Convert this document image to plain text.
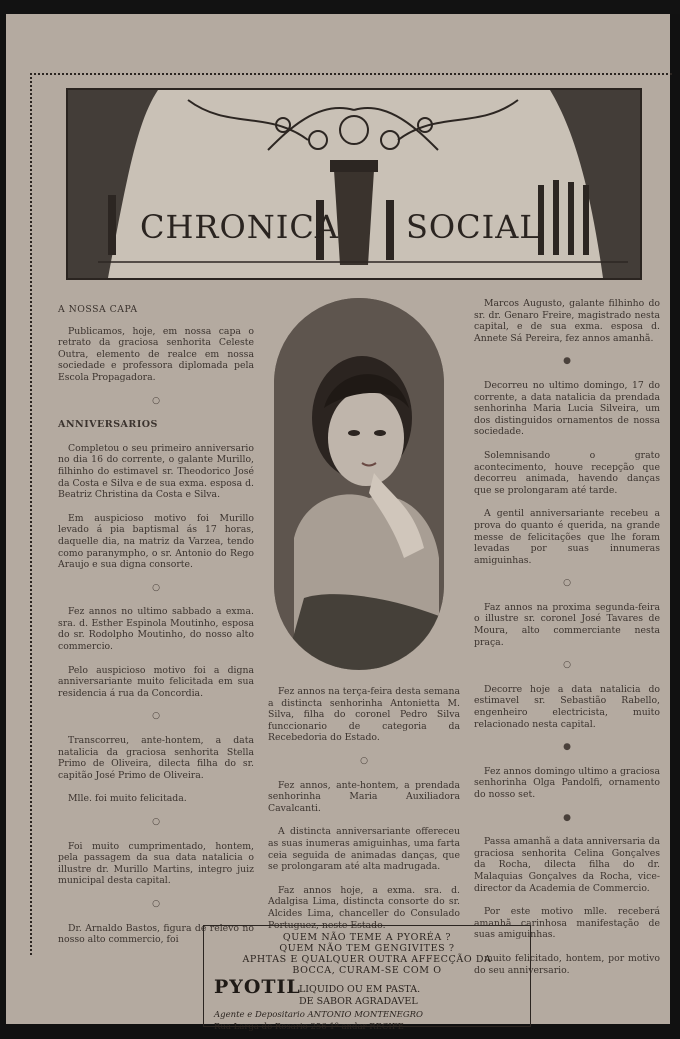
CHRONICA SOCIAL
A NOSSA CAPA

Publicamos, hoje, em nossa capa o retrato da graciosa senhorita Celeste Outra, elemento de realce em nossa sociedade e professora diplomada pela Escola Propagadora.

○
ANNIVERSARIOS

Completou o seu primeiro anniversario no dia 16 do corrente, o galante Murillo, filhinho do estimavel sr. Theodorico José da Costa e Silva e de sua exma. esposa d. Beatriz Christina da Costa e Silva.

Em auspicioso motivo foi Murillo levado á pia baptismal ás 17 horas, daquelle dia, na matriz da Varzea, tendo como paranympho, o sr. Antonio do Rego Araujo e sua digna consorte.

○

Fez annos no ultimo sabbado a exma. sra. d. Esther Espinola Moutinho, esposa do sr. Rodolpho Moutinho, do nosso alto commercio.

Pelo auspicioso motivo foi a digna anniversariante muito felicitada em sua residencia á rua da Concordia.

○

Transcorreu, ante-hontem, a data natalicia da graciosa senhorita Stella Primo de Oliveira, dilecta filha do sr. capitão José Primo de Oliveira.

Mlle. foi muito felicitada.

○

Foi muito cumprimentado, hontem, pela passagem da sua data natalicia o illustre dr. Murillo Martins, integro juiz municipal desta capital.

○

Dr. Arnaldo Bastos, figura de relevo no nosso alto commercio, foi

Fez annos na terça-feira desta semana a distincta senhorinha Antonietta M. Silva, filha do coronel Pedro Silva funccionario de categoria da Recebedoria do Estado.

○

Fez annos, ante-hontem, a prendada senhorinha Maria Auxiliadora Cavalcanti.

A distincta anniversariante offereceu as suas inumeras amiguinhas, uma farta ceia seguida de animadas danças, que se prolongaram até alta madrugada.

Faz annos hoje, a exma. sra. d. Adalgisa Lima, distincta consorte do sr. Alcides Lima, chanceller do Consulado Portuguez, neste Estado.

Marcos Augusto, galante filhinho do sr. dr. Genaro Freire, magistrado nesta capital, e de sua exma. esposa d. Annete Sá Pereira, fez annos amanhã.

●

Decorreu no ultimo domingo, 17 do corrente, a data natalicia da prendada senhorinha Maria Lucia Silveira, um dos distinguidos ornamentos de nossa sociedade.

Solemnisando o grato acontecimento, houve recepção que decorreu animada, havendo danças que se prolongaram até tarde.

A gentil anniversariante recebeu a prova do quanto é querida, na grande messe de felicitações que lhe foram levadas por suas innumeras amiguinhas.

○

Faz annos na proxima segunda-feira o illustre sr. coronel José Tavares de Moura, alto commerciante nesta praça.

○

Decorre hoje a data natalicia do estimavel sr. Sebastião Rabello, engenheiro electricista, muito relacionado nesta capital.

●

Fez annos domingo ultimo a graciosa senhorinha Olga Pandolfi, ornamento do nosso set.

●

Passa amanhã a data anniversaria da graciosa senhorita Celina Gonçalves da Rocha, dilecta filha do dr. Malaquias Gonçalves da Rocha, vice-director da Academia de Commercio.

Por este motivo mlle. receberá amanhã carinhosa manifestação de suas amiguinhas.

muito felicitado, hontem, por motivo do seu anniversario.

QUEM NÃO TEME A PYORÉA ?
QUEM NÃO TEM GENGIVITES ?
APHTAS E QUALQUER OUTRA AFFECÇÃO DA
BOCCA, CURAM-SE COM O
PYOTIL
LIQUIDO OU EM PASTA.
DE SABOR AGRADAVEL
Agente e Depositario ANTONIO MONTENEGRO
Rua Larga do Rosario 256 1º andar RECIFE
